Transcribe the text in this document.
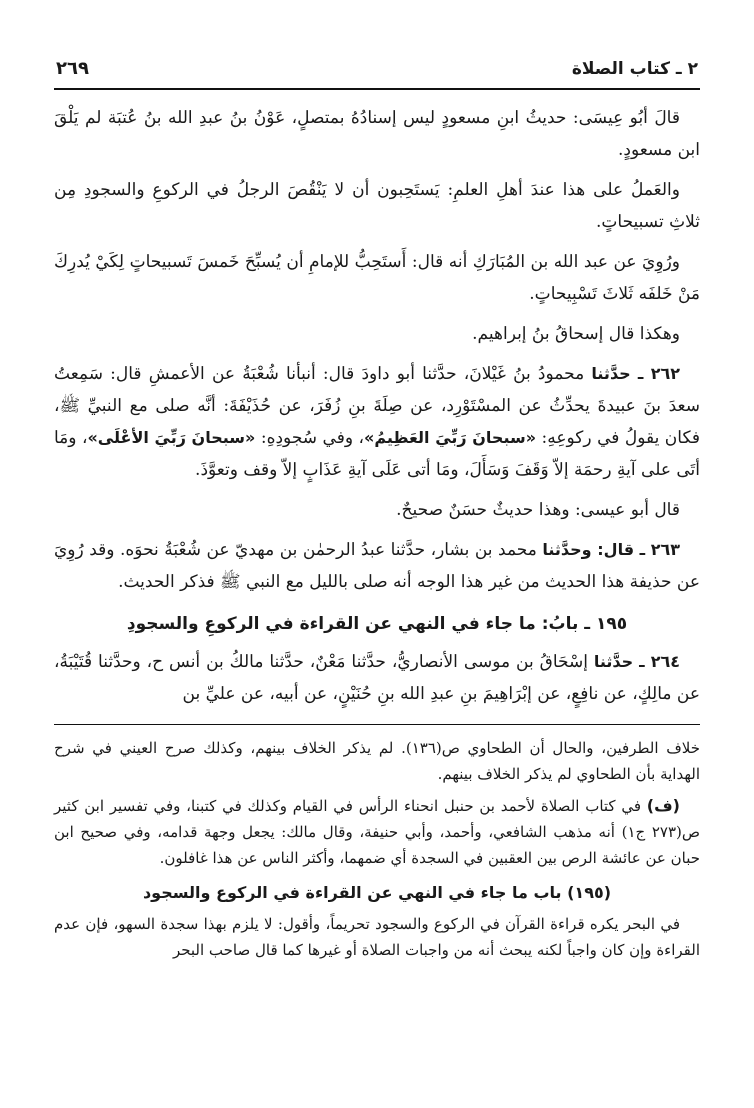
٢ ـ كتاب الصلاة
٢٦٩

قالَ أبُو عِيسَى: حديثُ ابنِ مسعودٍ ليس إسنادُهُ بمتصلٍ، عَوْنُ بنُ عبدِ الله بنُ عُتبَة لم يَلْقَ ابن مسعودٍ.

والعَملُ على هذا عندَ أهلِ العلمِ: يَستَحِبون أن لا يَنْقُصَ الرجلُ في الركوعِ والسجودِ مِن ثلاثِ تسبيحاتٍ.

ورُوِيَ عن عبد الله بن المُبَارَكِ أنه قال: أَستَحِبُّ للإمامِ أن يُسبِّحَ خَمسَ تَسبيحاتٍ لِكَيْ يُدرِكَ مَنْ خَلفَه ثَلاثَ تَسْبِيحاتٍ.

وهكذا قال إسحاقُ بنُ إبراهيم.

٢٦٢ ـ حدَّثنا محمودُ بنُ غَيْلانَ، حدَّثنا أبو داودَ قال: أنبأنا شُعْبَةُ عن الأعمشِ قال: سَمِعتُ سعدَ بنَ عبيدةَ يحدِّثُ عن المسْتَوْرِد، عن صِلَةَ بنِ زُفَرَ، عن حُذَيْفَةَ: أنَّه صلى مع النبيِّ ﷺ، فكان يقولُ في ركوعِهِ: «سبحانَ رَبِّيَ العَظِيمُ»، وفي سُجودِهِ: «سبحانَ رَبِّيَ الأعْلَى»، ومَا أتَى على آيةِ رحمَة إلاّ وَقَفَ وَسَأَلَ، ومَا أتى عَلَى آيةِ عَذَابٍ إلاّ وقف وتعوَّذَ.

قال أبو عيسى: وهذا حديثٌ حسَنٌ صحيحٌ.

٢٦٣ ـ قال: وحدَّثنا محمد بن بشار، حدَّثنا عبدُ الرحمٰن بن مهديّ عن شُعْبَةُ نحوَه. وقد رُوِيَ عن حذيفة هذا الحديث من غير هذا الوجه أنه صلى بالليل مع النبي ﷺ فذكر الحديث.

١٩٥ ـ بابُ: ما جاء في النهي عن القراءة في الركوعِ والسجودِ

٢٦٤ ـ حدَّثنا إسْحَاقُ بن موسى الأنصاريُّ، حدَّثنا مَعْنٌ، حدَّثنا مالكُ بن أنس ح، وحدَّثنا قُتَيْبَةُ، عن مالِكٍ، عن نافِعٍ، عن إبْرَاهِيمَ بنِ عبدِ الله بنِ حُنَيْنٍ، عن أبيه، عن عليِّ بن

خلاف الطرفين، والحال أن الطحاوي ص(١٣٦). لم يذكر الخلاف بينهم، وكذلك صرح العيني في شرح الهداية بأن الطحاوي لم يذكر الخلاف بينهم.

(ف) في كتاب الصلاة لأحمد بن حنبل انحناء الرأس في القيام وكذلك في كتبنا، وفي تفسير ابن كثير ص(٢٧٣ ج١) أنه مذهب الشافعي، وأحمد، وأبي حنيفة، وقال مالك: يجعل وجهة قدامه، وفي صحيح ابن حبان عن عائشة الرص بين العقبين في السجدة أي ضمهما، وأكثر الناس عن هذا غافلون.

(١٩٥) باب ما جاء في النهي عن القراءة في الركوع والسجود

في البحر يكره قراءة القرآن في الركوع والسجود تحريماً، وأقول: لا يلزم بهذا سجدة السهو، فإن عدم القراءة وإن كان واجباً لكنه يبحث أنه من واجبات الصلاة أو غيرها كما قال صاحب البحر
